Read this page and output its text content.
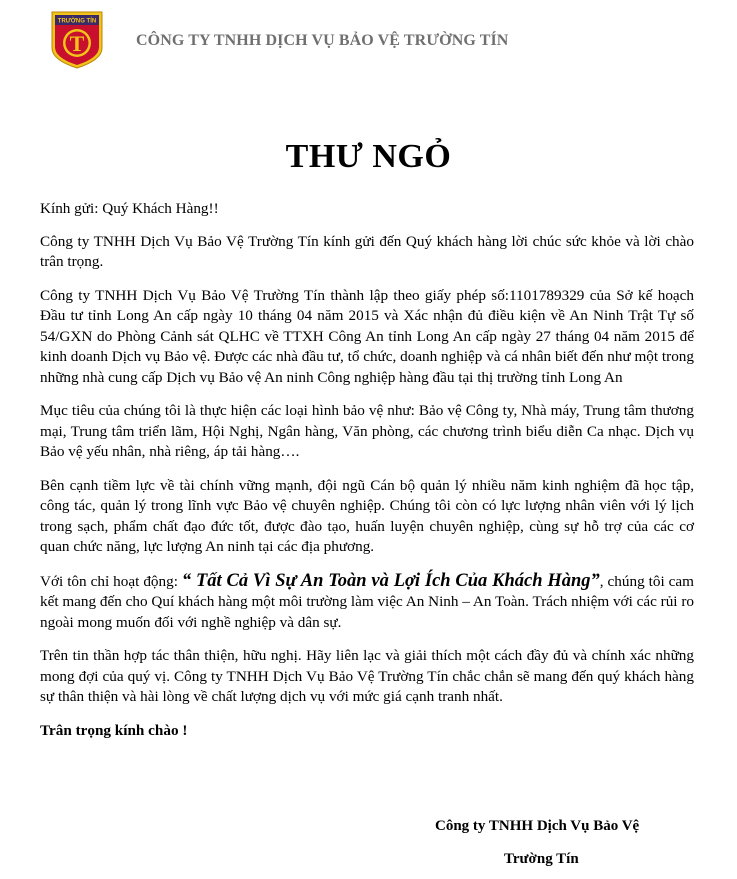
TRƯỜNG TÍN
T	CÔNG TY TNHH DỊCH VỤ BẢO VỆ TRƯỜNG TÍN
THƯ NGỎ

Kính gửi: Quý Khách Hàng!!

Công ty TNHH Dịch Vụ Bảo Vệ Trường Tín kính gửi đến Quý khách hàng lời chúc sức khỏe và lời chào trân trọng.

Công ty TNHH Dịch Vụ Bảo Vệ Trường Tín thành lập theo giấy phép số:1101789329 của Sở kế hoạch Đầu tư tỉnh Long An cấp ngày 10 tháng 04 năm 2015 và Xác nhận đủ điều kiện về An Ninh Trật Tự số 54/GXN do Phòng Cảnh sát QLHC về TTXH Công An tỉnh Long An cấp ngày 27 tháng 04 năm 2015 để kinh doanh Dịch vụ Bảo vệ. Được các nhà đầu tư, tổ chức, doanh nghiệp và cá nhân biết đến như một trong những nhà cung cấp Dịch vụ Bảo vệ An ninh Công nghiệp hàng đầu tại thị trường tỉnh Long An

Mục tiêu của chúng tôi là thực hiện các loại hình bảo vệ như: Bảo vệ Công ty, Nhà máy, Trung tâm thương mại, Trung tâm triển lãm, Hội Nghị, Ngân hàng, Văn phòng, các chương trình biểu diễn Ca nhạc. Dịch vụ Bảo vệ yếu nhân, nhà riêng, áp tải hàng….

Bên cạnh tiềm lực về tài chính vững mạnh, đội ngũ Cán bộ quản lý nhiều năm kinh nghiệm đã học tập, công tác, quản lý trong lĩnh vực Bảo vệ chuyên nghiệp. Chúng tôi còn có lực lượng nhân viên với lý lịch trong sạch, phẩm chất đạo đức tốt, được đào tạo, huấn luyện chuyên nghiệp, cùng sự hỗ trợ của các cơ quan chức năng, lực lượng An ninh tại các địa phương.

Với tôn chỉ hoạt động: “ Tất Cả Vì Sự An Toàn và Lợi Ích Của Khách Hàng”, chúng tôi cam kết mang đến cho Quí khách hàng một môi trường làm việc An Ninh – An Toàn. Trách nhiệm với các rủi ro ngoài mong muốn đối với nghề nghiệp và dân sự.

Trên tin thần hợp tác thân thiện, hữu nghị. Hãy liên lạc và giải thích một cách đầy đủ và chính xác những mong đợi của quý vị. Công ty TNHH Dịch Vụ Bảo Vệ Trường Tín chắc chắn sẽ mang đến quý khách hàng sự thân thiện và hài lòng về chất lượng dịch vụ với mức giá cạnh tranh nhất.

Trân trọng kính chào !

Công ty TNHH Dịch Vụ Bảo Vệ
Trường Tín
